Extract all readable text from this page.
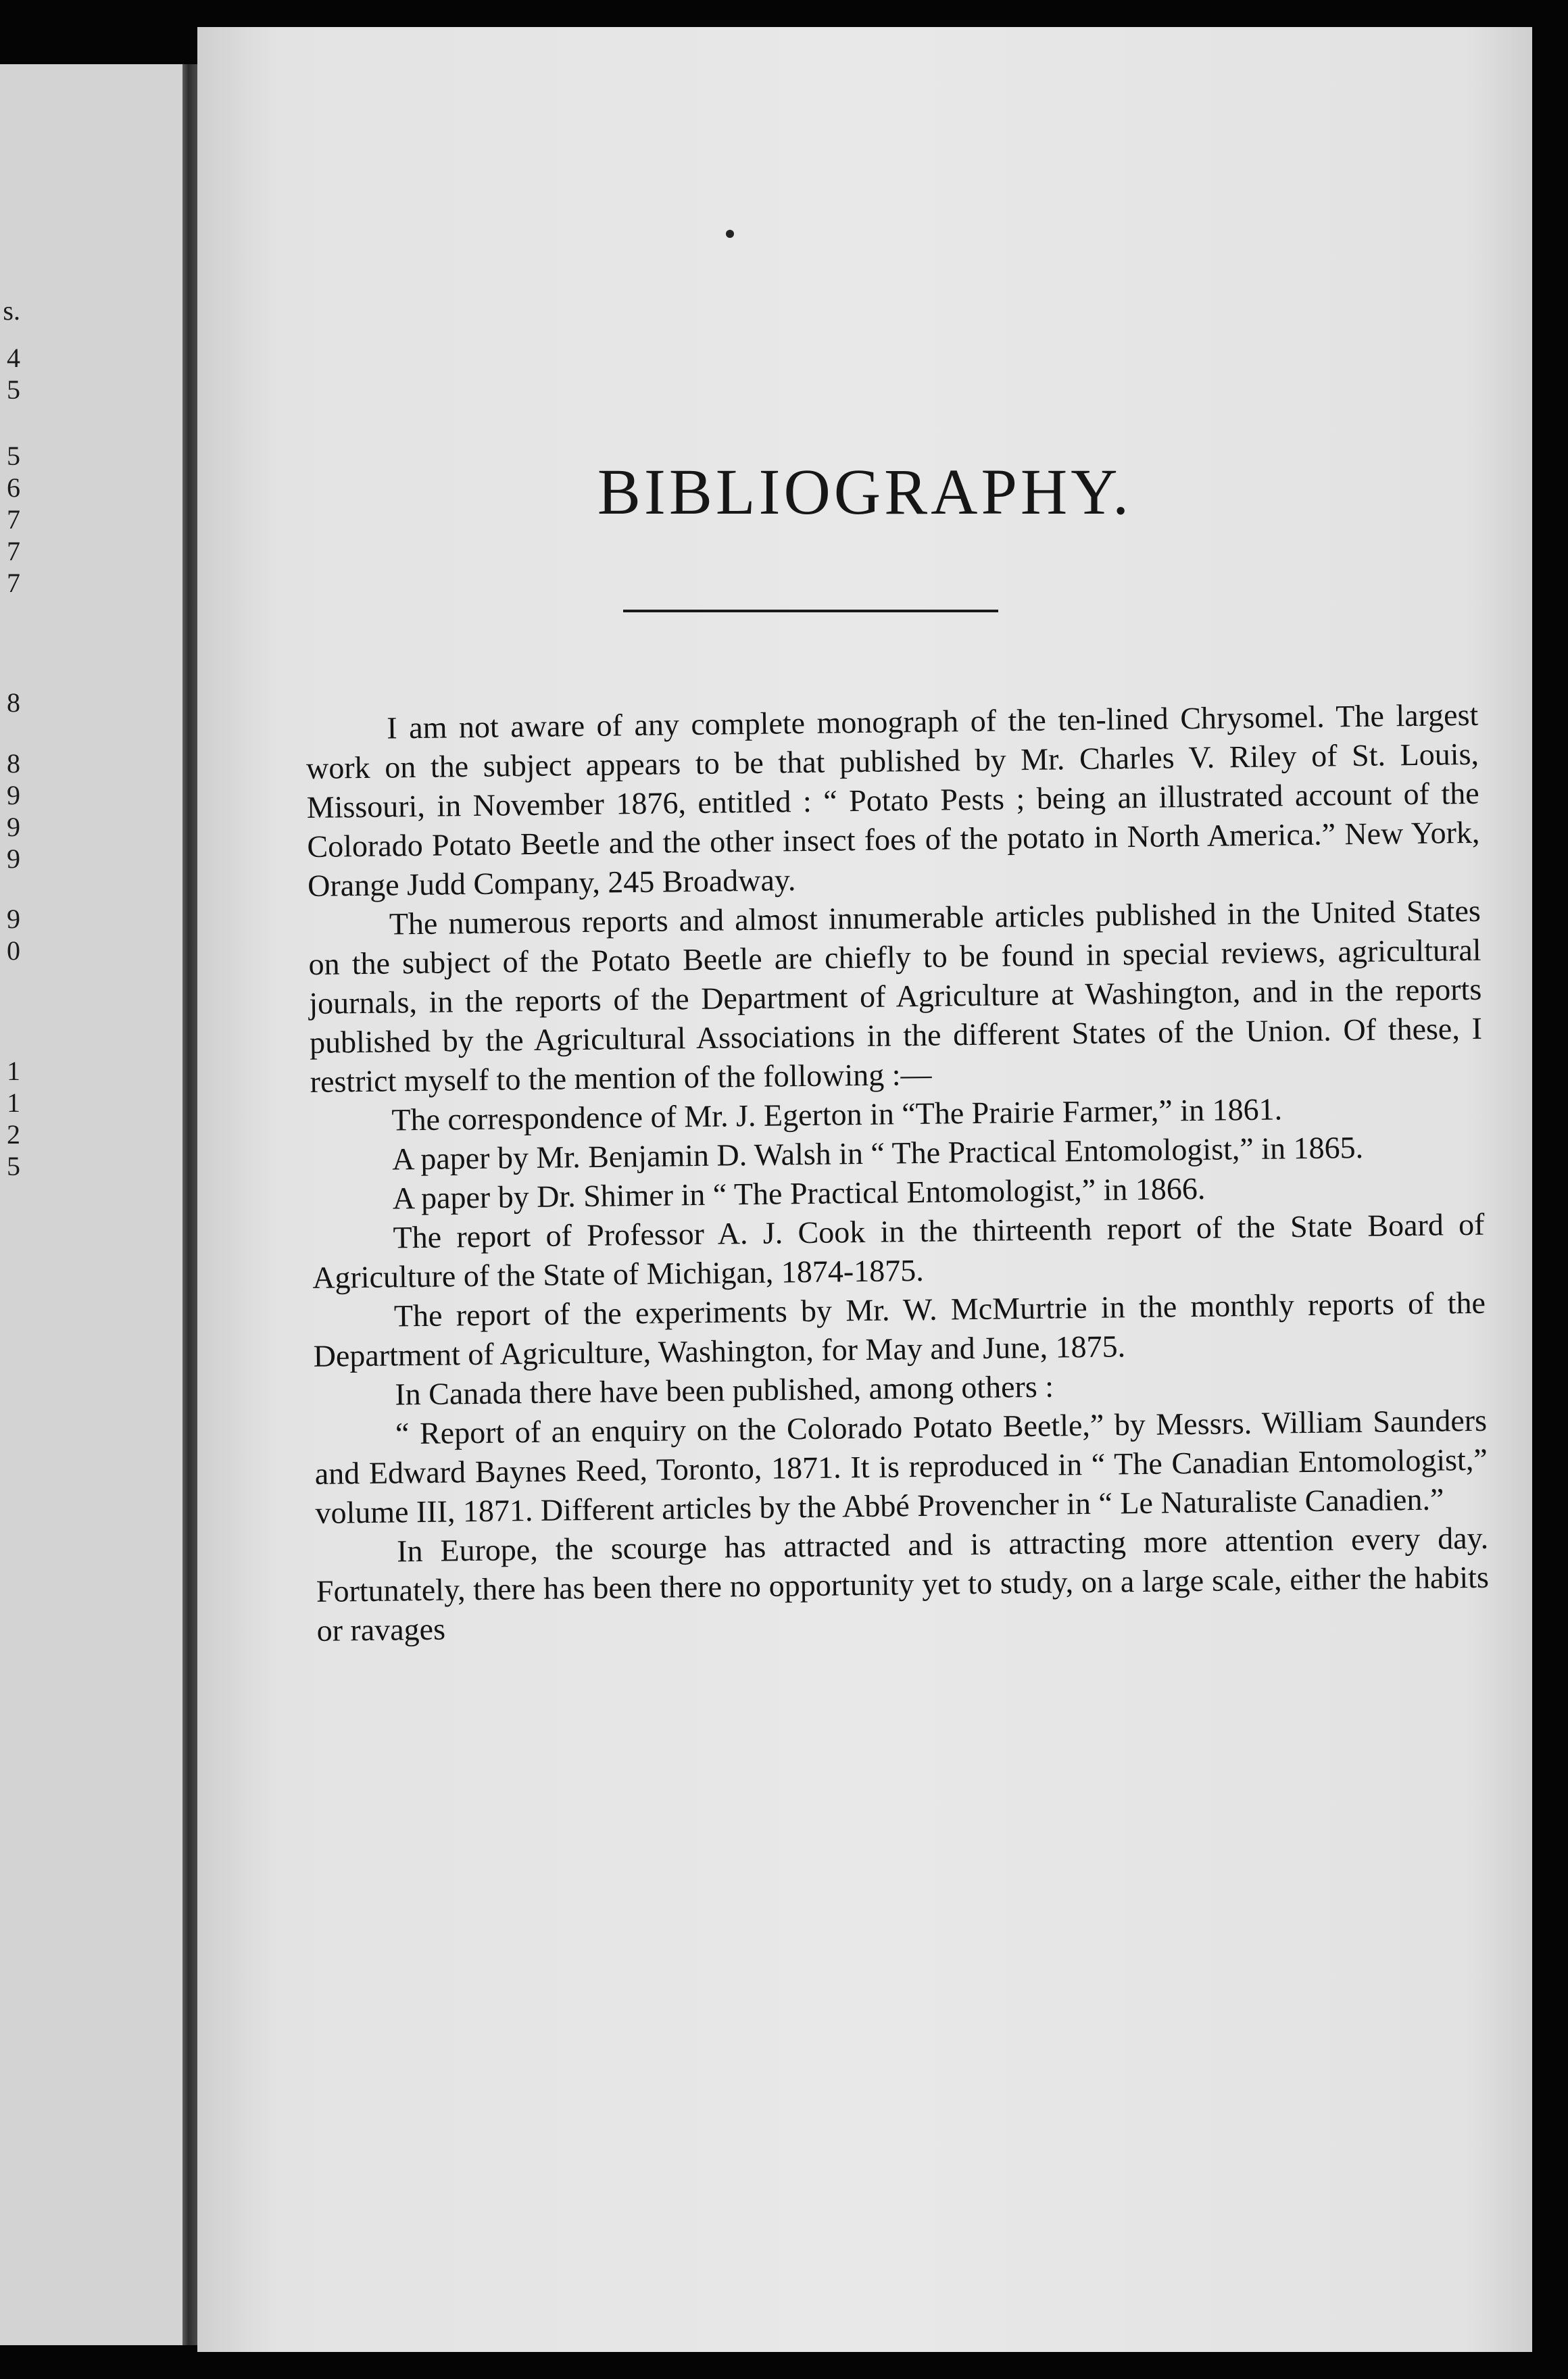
s.
4
5
5
6
7
7
7
8
8
9
9
9
9
0
1
1
2
5
BIBLIOGRAPHY.

I am not aware of any complete monograph of the ten-lined Chrysomel. The largest work on the subject appears to be that published by Mr. Charles V. Riley of St. Louis, Missouri, in November 1876, entitled : “ Potato Pests ; being an illustrated account of the Colorado Potato Beetle and the other insect foes of the potato in North America.” New York, Orange Judd Company, 245 Broadway.

The numerous reports and almost innumerable articles published in the United States on the subject of the Potato Beetle are chiefly to be found in special reviews, agricultural journals, in the reports of the Department of Agriculture at Washington, and in the reports published by the Agricultural Associations in the different States of the Union. Of these, I restrict myself to the mention of the following :—

The correspondence of Mr. J. Egerton in “The Prairie Farmer,” in 1861.

A paper by Mr. Benjamin D. Walsh in “ The Practical Entomologist,” in 1865.

A paper by Dr. Shimer in “ The Practical Entomologist,” in 1866.

The report of Professor A. J. Cook in the thirteenth report of the State Board of Agriculture of the State of Michigan, 1874-1875.

The report of the experiments by Mr. W. McMurtrie in the monthly reports of the Department of Agriculture, Washington, for May and June, 1875.

In Canada there have been published, among others :

“ Report of an enquiry on the Colorado Potato Beetle,” by Messrs. William Saunders and Edward Baynes Reed, Toronto, 1871. It is reproduced in “ The Canadian Entomologist,” volume III, 1871. Different articles by the Abbé Provencher in “ Le Naturaliste Canadien.”

In Europe, the scourge has attracted and is attracting more attention every day. Fortunately, there has been there no opportunity yet to study, on a large scale, either the habits or ravages
